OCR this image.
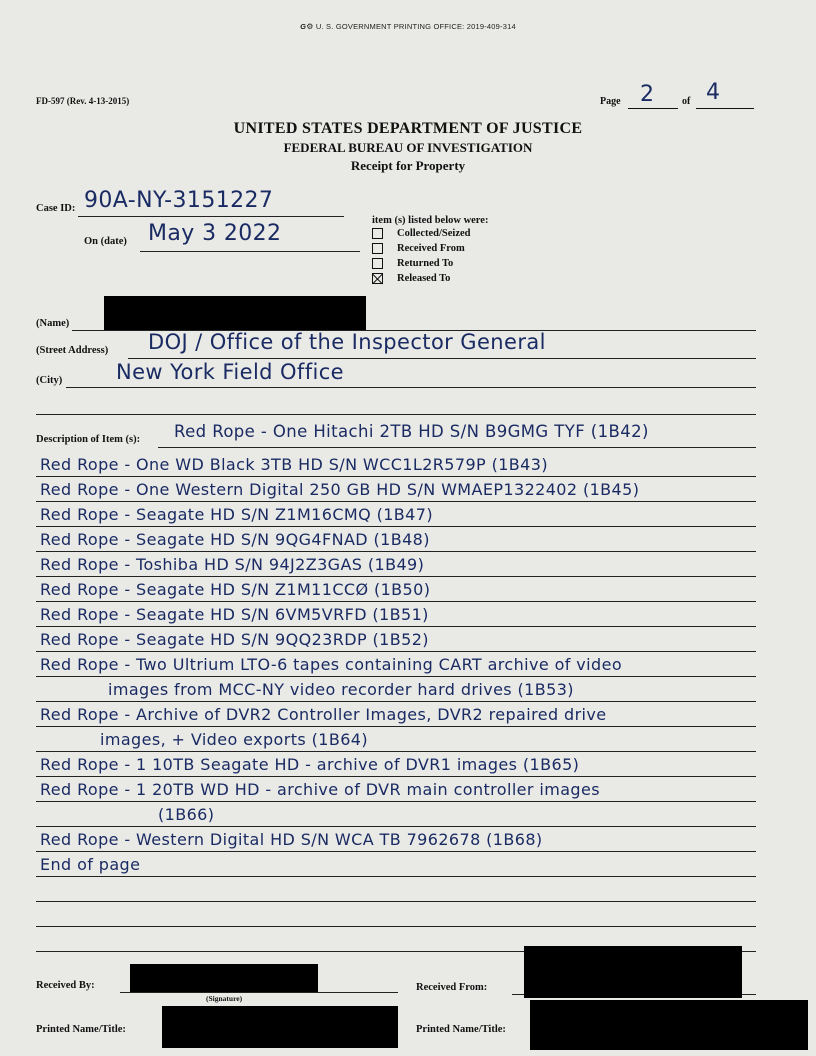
G⚙ U. S. GOVERNMENT PRINTING OFFICE: 2019-409-314
FD-597 (Rev. 4-13-2015)	Page 2	of 4
UNITED STATES DEPARTMENT OF JUSTICE
FEDERAL BUREAU OF INVESTIGATION
Receipt for Property
Case ID: 90A-NY-3151227
On (date) May 3 2022
item (s) listed below were:
Collected/Seized
Received From
Returned To
Released To
(Name)
(Street Address) DOJ / Office of the Inspector General
(City)	New York Field Office
Description of Item (s): Red Rope - One Hitachi 2TB HD S/N B9GMG TYF (1B42)
Red Rope - One WD Black 3TB HD S/N WCC1L2R579P (1B43)
Red Rope - One Western Digital 250 GB HD S/N WMAEP1322402 (1B45)
Red Rope - Seagate HD S/N Z1M16CMQ (1B47)
Red Rope - Seagate HD S/N 9QG4FNAD (1B48)
Red Rope - Toshiba HD S/N 94J2Z3GAS (1B49)
Red Rope - Seagate HD S/N Z1M11CCØ (1B50)
Red Rope - Seagate HD S/N 6VM5VRFD (1B51)
Red Rope - Seagate HD S/N 9QQ23RDP (1B52)
Red Rope - Two Ultrium LTO-6 tapes containing CART archive of video
images from MCC-NY video recorder hard drives (1B53)
Red Rope - Archive of DVR2 Controller Images, DVR2 repaired drive
images, + Video exports (1B64)
Red Rope - 1 10TB Seagate HD - archive of DVR1 images (1B65)
Red Rope - 1 20TB WD HD - archive of DVR main controller images
(1B66)
Red Rope - Western Digital HD S/N WCA TB 7962678 (1B68)
End of page
Received By:
(Signature)
Received From:
Printed Name/Title:	Printed Name/Title:
